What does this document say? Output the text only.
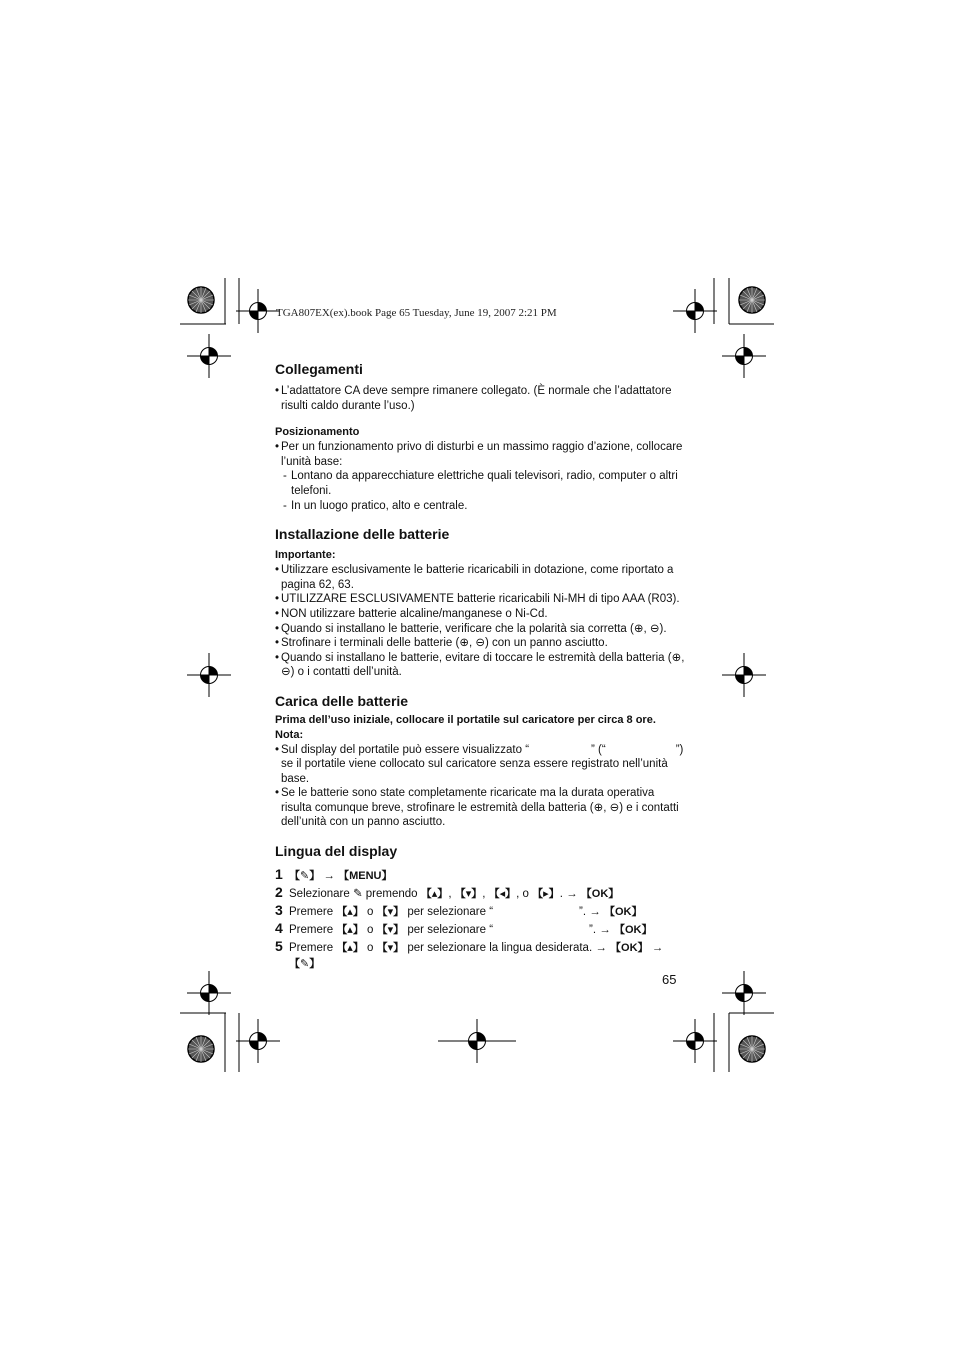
TGA807EX(ex).book Page 65 Tuesday, June 19, 2007 2:21 PM
Collegamenti
• L’adattatore CA deve sempre rimanere collegato. (È normale che l’adattatore risulti caldo durante l’uso.)
Posizionamento
• Per un funzionamento privo di disturbi e un massimo raggio d’azione, collocare l’unità base:
- Lontano da apparecchiature elettriche quali televisori, radio, computer o altri telefoni.
- In un luogo pratico, alto e centrale.
Installazione delle batterie
Importante:
• Utilizzare esclusivamente le batterie ricaricabili in dotazione, come riportato a pagina 62, 63.
• UTILIZZARE ESCLUSIVAMENTE batterie ricaricabili Ni-MH di tipo AAA (R03).
• NON utilizzare batterie alcaline/manganese o Ni-Cd.
• Quando si installano le batterie, verificare che la polarità sia corretta (⊕, ⊖).
• Strofinare i terminali delle batterie (⊕, ⊖) con un panno asciutto.
• Quando si installano le batterie, evitare di toccare le estremità della batteria (⊕, ⊖) o i contatti dell’unità.
Carica delle batterie
Prima dell’uso iniziale, collocare il portatile sul caricatore per circa 8 ore.
Nota:
• Sul display del portatile può essere visualizzato “	” (“	”) se il portatile viene collocato sul caricatore senza essere registrato nell’unità base.
• Se le batterie sono state completamente ricaricate ma la durata operativa risulta comunque breve, strofinare le estremità della batteria (⊕, ⊖) e i contatti dell’unità con un panno asciutto.
Lingua del display
1 【✎】 → 【MENU】
2 Selezionare ✎ premendo 【▴】, 【▾】, 【◂】, o 【▸】. → 【OK】
3 Premere 【▴】 o 【▾】 per selezionare “	”. → 【OK】
4 Premere 【▴】 o 【▾】 per selezionare “	”. → 【OK】
5 Premere 【▴】 o 【▾】 per selezionare la lingua desiderata. → 【OK】 → 【✎】
65
